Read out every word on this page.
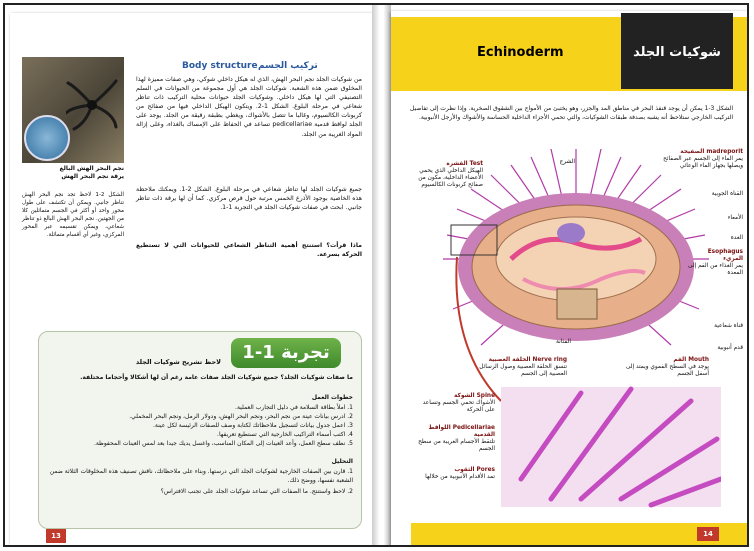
نجم البحر الهش البالغ
يرقة نجم البحر الهش
الشكل 2-1 لاحظ تجد نجم البحر الهش تناظر جانبي. ويمكن أن تكتشف على طول محور واحد أو أكثر في الجسم متماثلين كلا من الجهتين. نجم البحر الهش البالغ ذو تناظر شعاعي، ويمكن تقسيمه عبر المحور المركزي، وغير أي أقسام متماثلة.
تركيب الجسم
Body structure
من شوكيات الجلد نجم البحر الهش، الذي له هيكل داخلي شوكي، وهي صفات مميزة لهذا المخلوق ضمن هذه الشعبة. شوكيات الجلد هي أول مجموعة من الحيوانات في السلم التصنيفي التي لها هيكل داخلي. وشوكيات الجلد حيوانات محلية التركيب ذات تناظر شعاعي في مرحلة البلوغ. الشكل 1-2. ويتكون الهيكل الداخلي فيها من صفائح من كربونات الكالسيوم، وغالبا ما تتصل بالأشواك، ويغطي بطبقة رقيقة من الجلد. يوجد على الجلد لواقط قدمية pedicellariae تساعد في الحفاظ على الإمساك بالغذاء، وعلى إزالة المواد الغريبة من الجلد.
جميع شوكيات الجلد لها تناظر شعاعي في مرحلة البلوغ. الشكل 2-1. ويمكنك ملاحظة هذه الخاصية بوجود الأذرع الخمس مرتبة حول قرص مركزي. كما أن لها يرقة ذات تناظر جانبي. ابحث في صفات شوكيات الجلد في التجربة 1-1.
ماذا قرأت؟ استنتج أهمية التناظر الشعاعي للحيوانات التي لا تستطيع الحركة بسرعة.
تجربة 1-1
لاحظ تشريح شوكيات الجلد
ما صفات شوكيات الجلد؟ جميع شوكيات الجلد صفات عامة رغم أن لها أشكالا وأحجاما مختلفة.
خطوات العمل
1. املأ بطاقة السلامة في دليل التجارب العملية.
2. ادرس بيانات عينة من نجم البحر، ونجم البحر الهش، ودولار الرمل، ونجم البحر المخملي.
3. اعمل جدول بيانات لتسجيل ملاحظاتك لكتابة وصف للصفات الرئيسة لكل عينة.
4. اكتب أسماء التراكيب الخارجية التي تستطيع تعريفها.
5. نظف سطح العمل، وأعد العينات إلى المكان المناسب، واغسل يديك جيدا بعد لمس العينات المحفوظة.
التحليل
1. قارن بين الصفات الخارجية لشوكيات الجلد التي درستها. وبناء على ملاحظاتك، ناقش تصنيف هذه المخلوقات الثلاثة ضمن الشعبة نفسها، ووضح ذلك.
2. لاحظ واستنتج. ما الصفات التي تساعد شوكيات الجلد على تجنب الافتراس؟
13
Echinoderm	شوكيات الجلد
الشكل 3-1 يمكن أن يوجد قنفذ البحر في مناطق المد والجزر، وهو يختبئ من الأمواج بين الشقوق الصخرية. وإذا نظرت إلى تفاصيل التركيب الخارجي ستلاحظ أنه يشبه بصدفة طبقات الشوكيات، والتي تحمي الأجزاء الداخلية الحساسة والأشواك والأرجل الأنبوبية.
madreporit الصفيحة
يمر الماء إلى الجسم عبر الصفائح ويصلها بجهاز الماء الوعائي
Test القشرة
الهيكل الداخلي الذي يحمي الأعضاء الداخلية، مكون من صفائح كربونات الكالسيوم
الشرج
القناة الجوبية
الأمعاء
الغدة
Esophagus المريء
يمر الغذاء من الفم إلى المعدة
قناة شعاعية
قدم أنبوبية
المثانة
Nerve ring الحلقة العصبية
تنسق الحلقة العصبية وصول الرسائل العصبية إلى الجسم
Mouth الفم
يوجد في السطح الفموي ويمتد إلى أسفل الجسم
Spine الشوكة
الأشواك تحمي الجسم وتساعد على الحركة
Pedicellariae اللواقط القدمية
تلتقط الأجسام الغريبة من سطح الجسم
Pores الثقوب
تمد الأقدام الأنبوبية من خلالها
14
